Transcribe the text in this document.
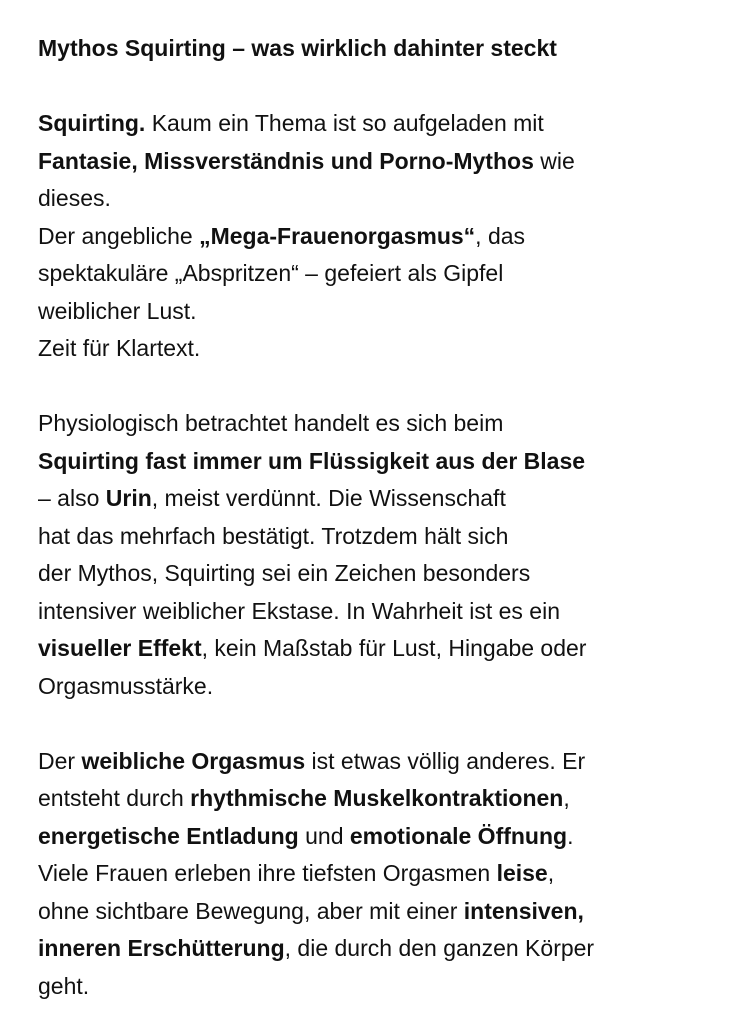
Mythos Squirting – was wirklich dahinter steckt

Squirting. Kaum ein Thema ist so aufgeladen mit
Fantasie, Missverständnis und Porno-Mythos wie
dieses.
Der angebliche „Mega-Frauenorgasmus“, das
spektakuläre „Abspritzen“ – gefeiert als Gipfel
weiblicher Lust.
Zeit für Klartext.

Physiologisch betrachtet handelt es sich beim
Squirting fast immer um Flüssigkeit aus der Blase
– also Urin, meist verdünnt. Die Wissenschaft
hat das mehrfach bestätigt. Trotzdem hält sich
der Mythos, Squirting sei ein Zeichen besonders
intensiver weiblicher Ekstase. In Wahrheit ist es ein
visueller Effekt, kein Maßstab für Lust, Hingabe oder
Orgasmusstärke.

Der weibliche Orgasmus ist etwas völlig anderes. Er
entsteht durch rhythmische Muskelkontraktionen,
energetische Entladung und emotionale Öffnung.
Viele Frauen erleben ihre tiefsten Orgasmen leise,
ohne sichtbare Bewegung, aber mit einer intensiven,
inneren Erschütterung, die durch den ganzen Körper
geht.
